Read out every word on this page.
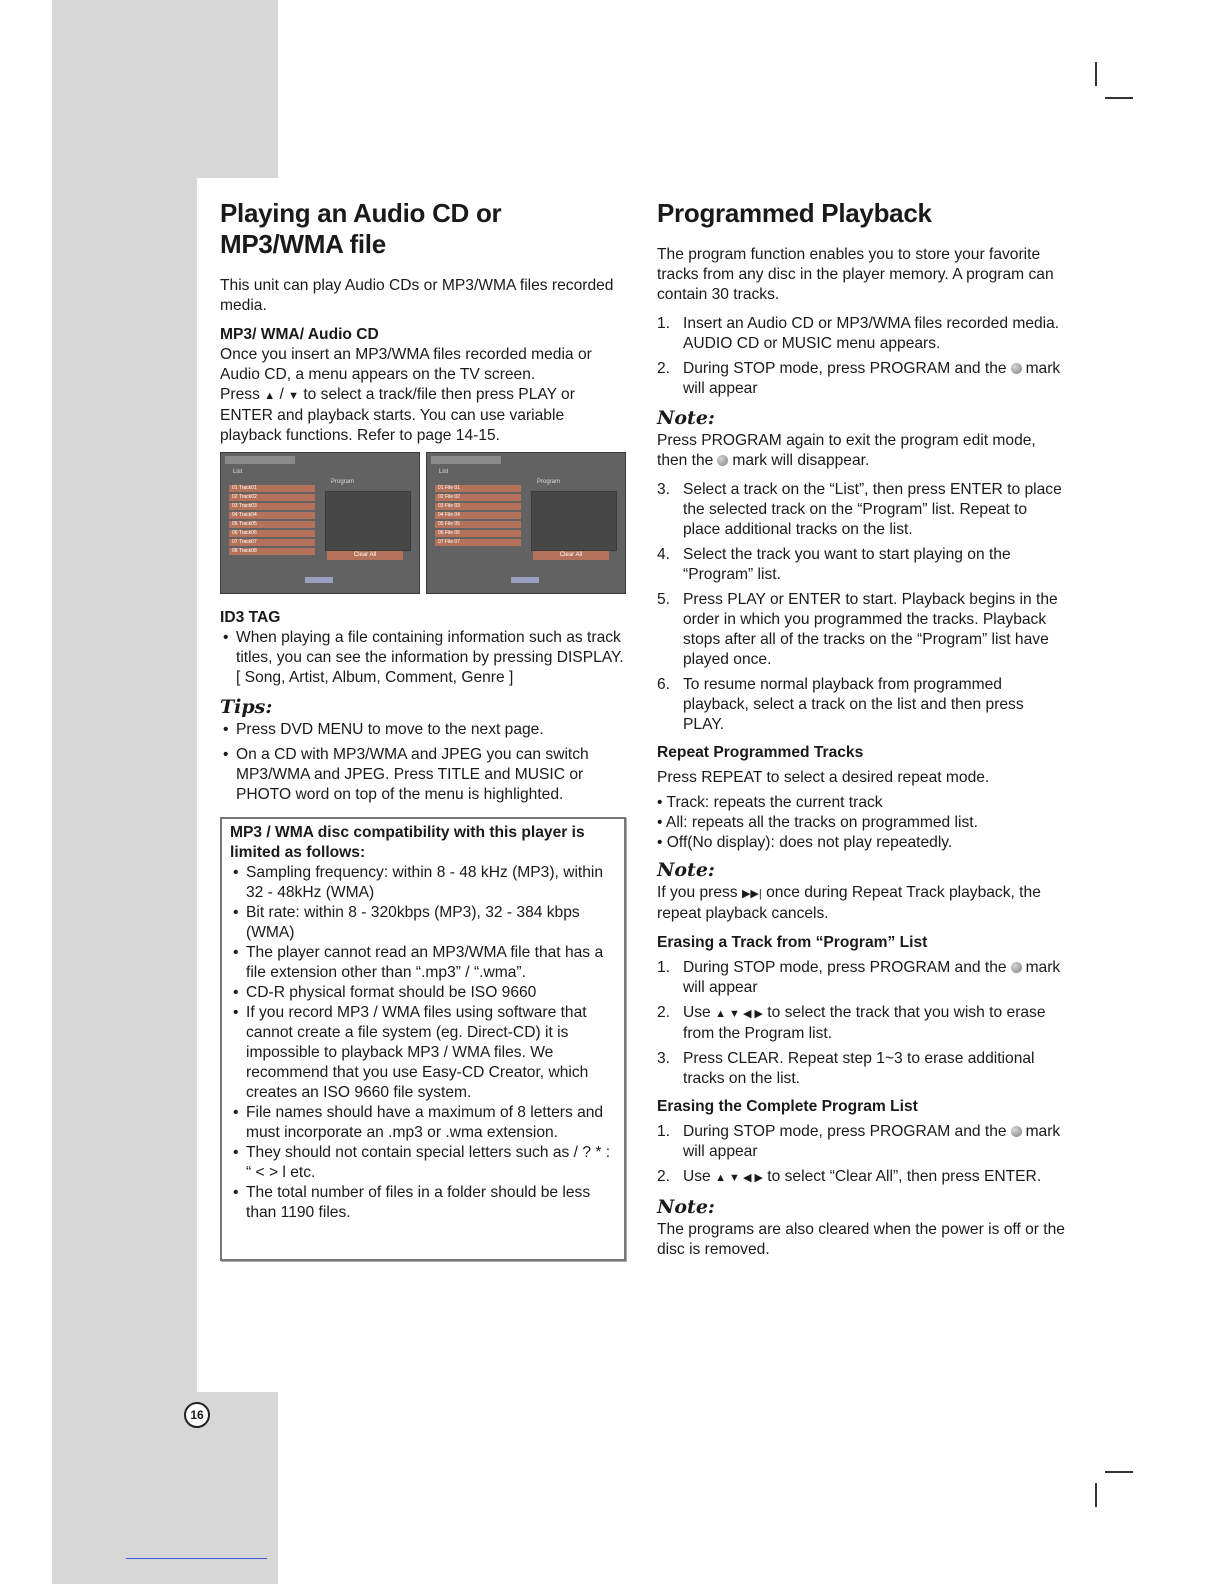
16
Playing an Audio CD or
MP3/WMA file

This unit can play Audio CDs or MP3/WMA files recorded media.

MP3/ WMA/ Audio CD

Once you insert an MP3/WMA files recorded media or Audio CD, a menu appears on the TV screen.

Press ▲ / ▼ to select a track/file then press PLAY or ENTER and playback starts. You can use variable playback functions. Refer to page 14-15.

List
Program
01 Track01
02 Track02
03 Track03
04 Track04
05 Track05
06 Track06
07 Track07
08 Track08
Clear All
List
Program
01 File 01
02 File 02
03 File 03
04 File 04
05 File 05
06 File 06
07 File 07
Clear All

ID3 TAG

• When playing a file containing information such as track titles, you can see the information by pressing DISPLAY.
[ Song, Artist, Album, Comment, Genre ]
Tips:
• Press DVD MENU to move to the next page.
• On a CD with MP3/WMA and JPEG you can switch MP3/WMA and JPEG. Press TITLE and MUSIC or PHOTO word on top of the menu is highlighted.

MP3 / WMA disc compatibility with this player is limited as follows:

• Sampling frequency: within 8 - 48 kHz (MP3), within 32 - 48kHz (WMA)
• Bit rate: within 8 - 320kbps (MP3), 32 - 384 kbps (WMA)
• The player cannot read an MP3/WMA file that has a file extension other than “.mp3” / “.wma”.
• CD-R physical format should be ISO 9660
• If you record MP3 / WMA files using software that cannot create a file system (eg. Direct-CD) it is impossible to playback MP3 / WMA files. We recommend that you use Easy-CD Creator, which creates an ISO 9660 file system.
• File names should have a maximum of 8 letters and must incorporate an .mp3 or .wma extension.
• They should not contain special letters such as / ? * : “ < > l etc.
• The total number of files in a folder should be less than 1190 files.
Programmed Playback

The program function enables you to store your favorite tracks from any disc in the player memory. A program can contain 30 tracks.

1. Insert an Audio CD or MP3/WMA files recorded media. AUDIO CD or MUSIC menu appears.
2. During STOP mode, press PROGRAM and the mark will appear
Note:

Press PROGRAM again to exit the program edit mode, then the mark will disappear.

3. Select a track on the “List”, then press ENTER to place the selected track on the “Program” list. Repeat to place additional tracks on the list.
4. Select the track you want to start playing on the “Program” list.
5. Press PLAY or ENTER to start. Playback begins in the order in which you programmed the tracks. Playback stops after all of the tracks on the “Program” list have played once.
6. To resume normal playback from programmed playback, select a track on the list and then press PLAY.

Repeat Programmed Tracks

Press REPEAT to select a desired repeat mode.

• Track: repeats the current track
• All: repeats all the tracks on programmed list.
• Off(No display): does not play repeatedly.
Note:

If you press ▶▶| once during Repeat Track playback, the repeat playback cancels.

Erasing a Track from “Program” List

1. During STOP mode, press PROGRAM and the mark will appear
2. Use ▲ ▼ ◀ ▶ to select the track that you wish to erase from the Program list.
3. Press CLEAR. Repeat step 1~3 to erase additional tracks on the list.

Erasing the Complete Program List

1. During STOP mode, press PROGRAM and the mark will appear
2. Use ▲ ▼ ◀ ▶ to select “Clear All”, then press ENTER.
Note:

The programs are also cleared when the power is off or the disc is removed.
